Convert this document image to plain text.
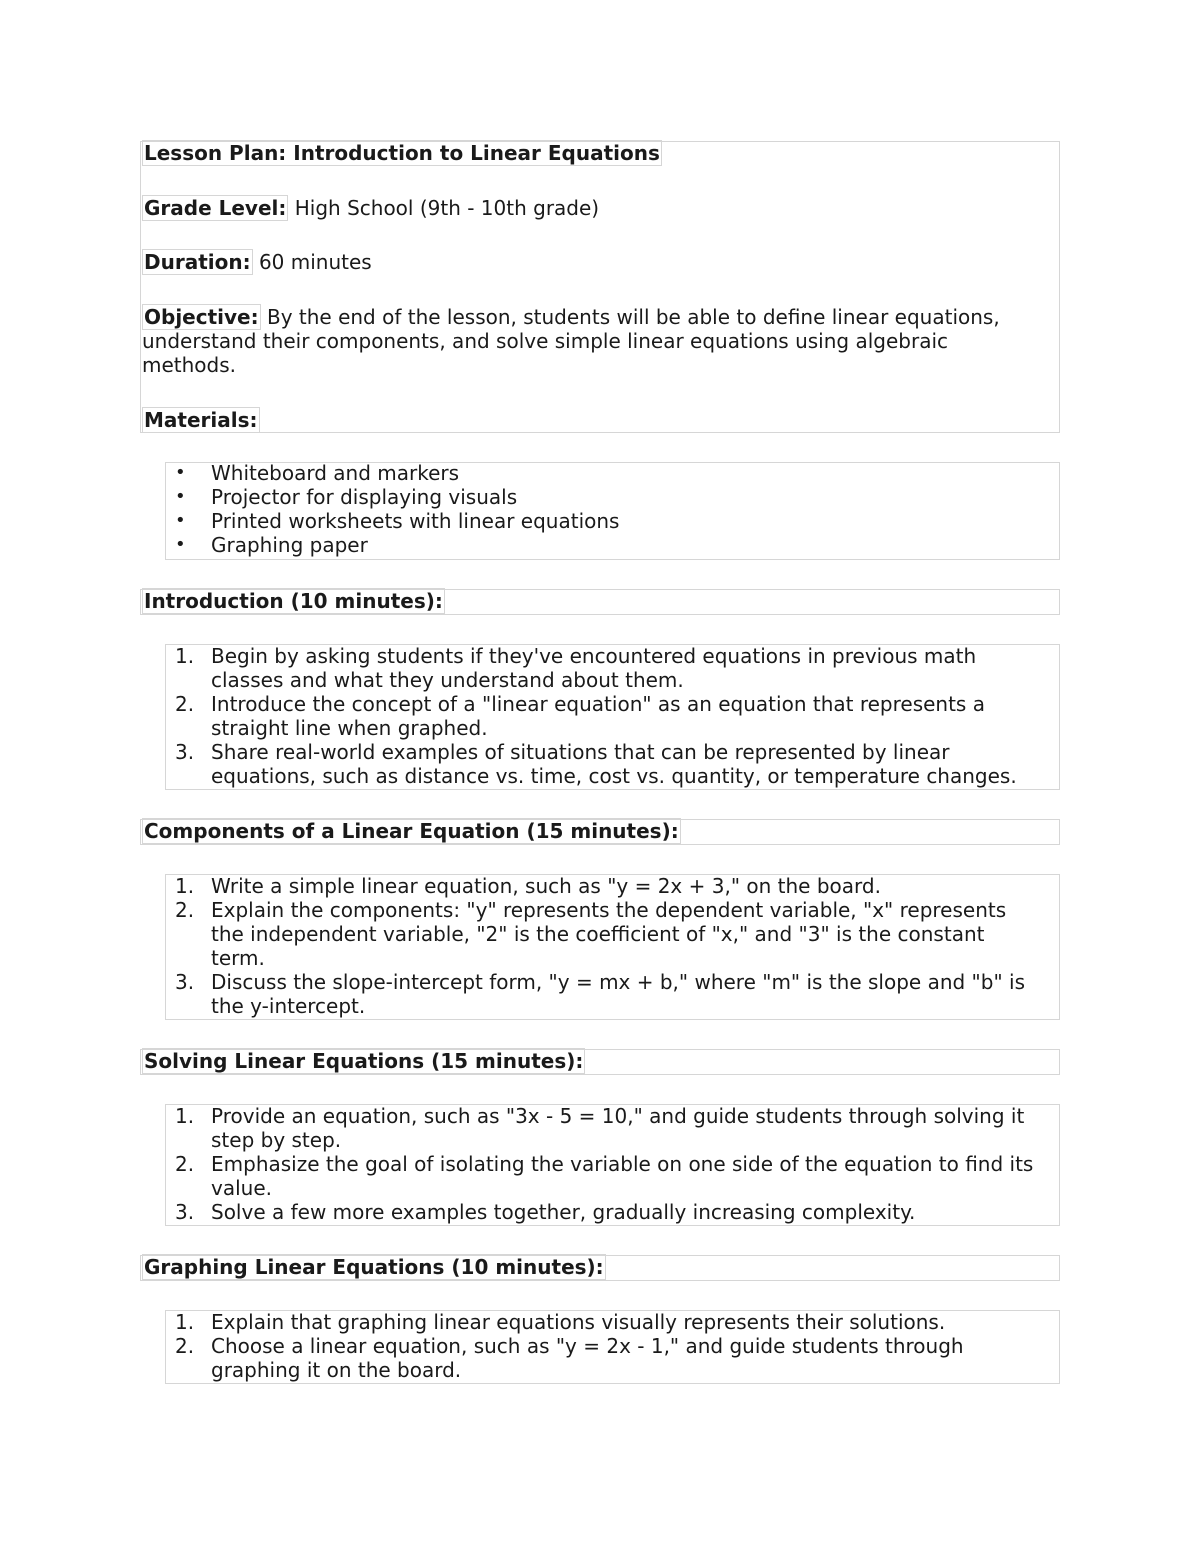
Lesson Plan: Introduction to Linear Equations
Grade Level: High School (9th - 10th grade)
Duration: 60 minutes
Objective: By the end of the lesson, students will be able to define linear equations,
understand their components, and solve simple linear equations using algebraic
methods.
Materials:
•	Whiteboard and markers
•	Projector for displaying visuals
•	Printed worksheets with linear equations
•	Graphing paper
Introduction (10 minutes):
1. Begin by asking students if they've encountered equations in previous math
classes and what they understand about them.
2. Introduce the concept of a "linear equation" as an equation that represents a
straight line when graphed.
3. Share real-world examples of situations that can be represented by linear
equations, such as distance vs. time, cost vs. quantity, or temperature changes.
Components of a Linear Equation (15 minutes):
1. Write a simple linear equation, such as "y = 2x + 3," on the board.
2. Explain the components: "y" represents the dependent variable, "x" represents
the independent variable, "2" is the coefficient of "x," and "3" is the constant
term.
3. Discuss the slope-intercept form, "y = mx + b," where "m" is the slope and "b" is
the y-intercept.
Solving Linear Equations (15 minutes):
1. Provide an equation, such as "3x - 5 = 10," and guide students through solving it
step by step.
2. Emphasize the goal of isolating the variable on one side of the equation to find its
value.
3. Solve a few more examples together, gradually increasing complexity.
Graphing Linear Equations (10 minutes):
1. Explain that graphing linear equations visually represents their solutions.
2. Choose a linear equation, such as "y = 2x - 1," and guide students through
graphing it on the board.
